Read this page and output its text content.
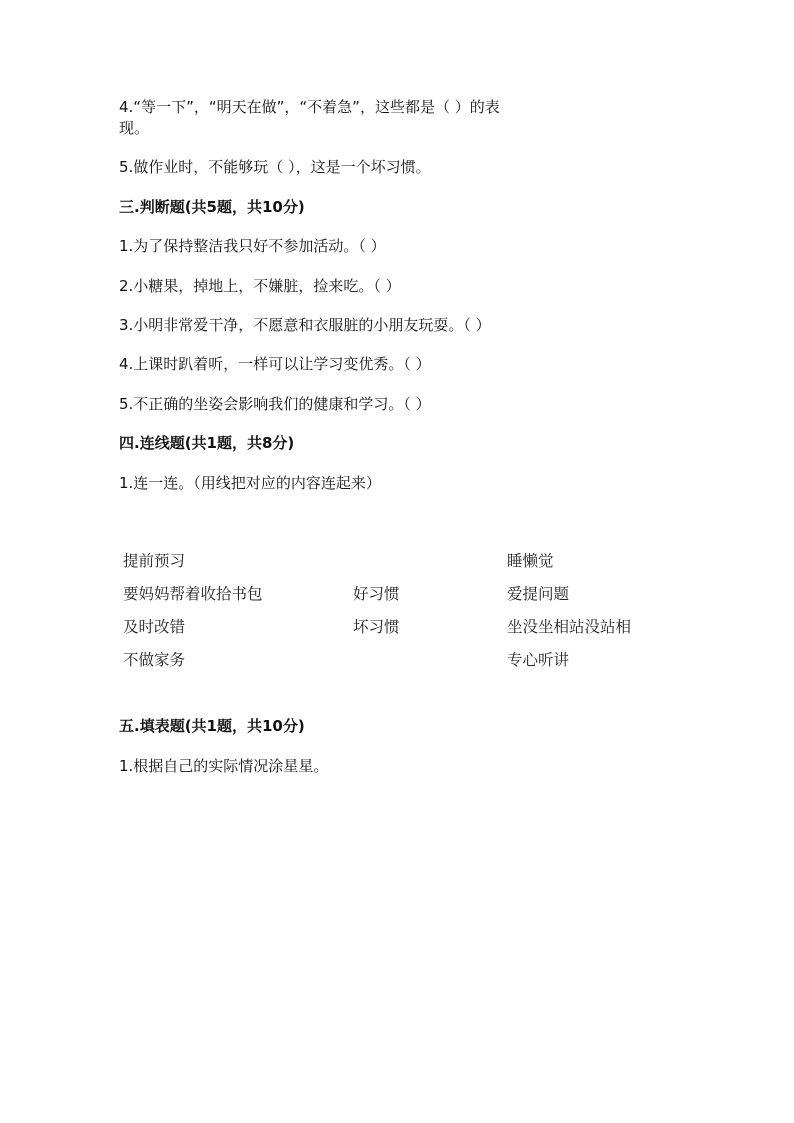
4.“等一下”，“明天在做”，“不着急”，这些都是（ ）的表
现。
5.做作业时，不能够玩（ ），这是一个坏习惯。
三.判断题(共5题，共10分)
1.为了保持整洁我只好不参加活动。（ ）
2.小糖果，掉地上，不嫌脏，捡来吃。（ ）
3.小明非常爱干净，不愿意和衣服脏的小朋友玩耍。（ ）
4.上课时趴着听，一样可以让学习变优秀。（ ）
5.不正确的坐姿会影响我们的健康和学习。（ ）
四.连线题(共1题，共8分)
1.连一连。（用线把对应的内容连起来）
提前预习
要妈妈帮着收拾书包
及时改错
不做家务
好习惯
坏习惯
睡懒觉
爱提问题
坐没坐相站没站相
专心听讲
五.填表题(共1题，共10分)
1.根据自己的实际情况涂星星。
